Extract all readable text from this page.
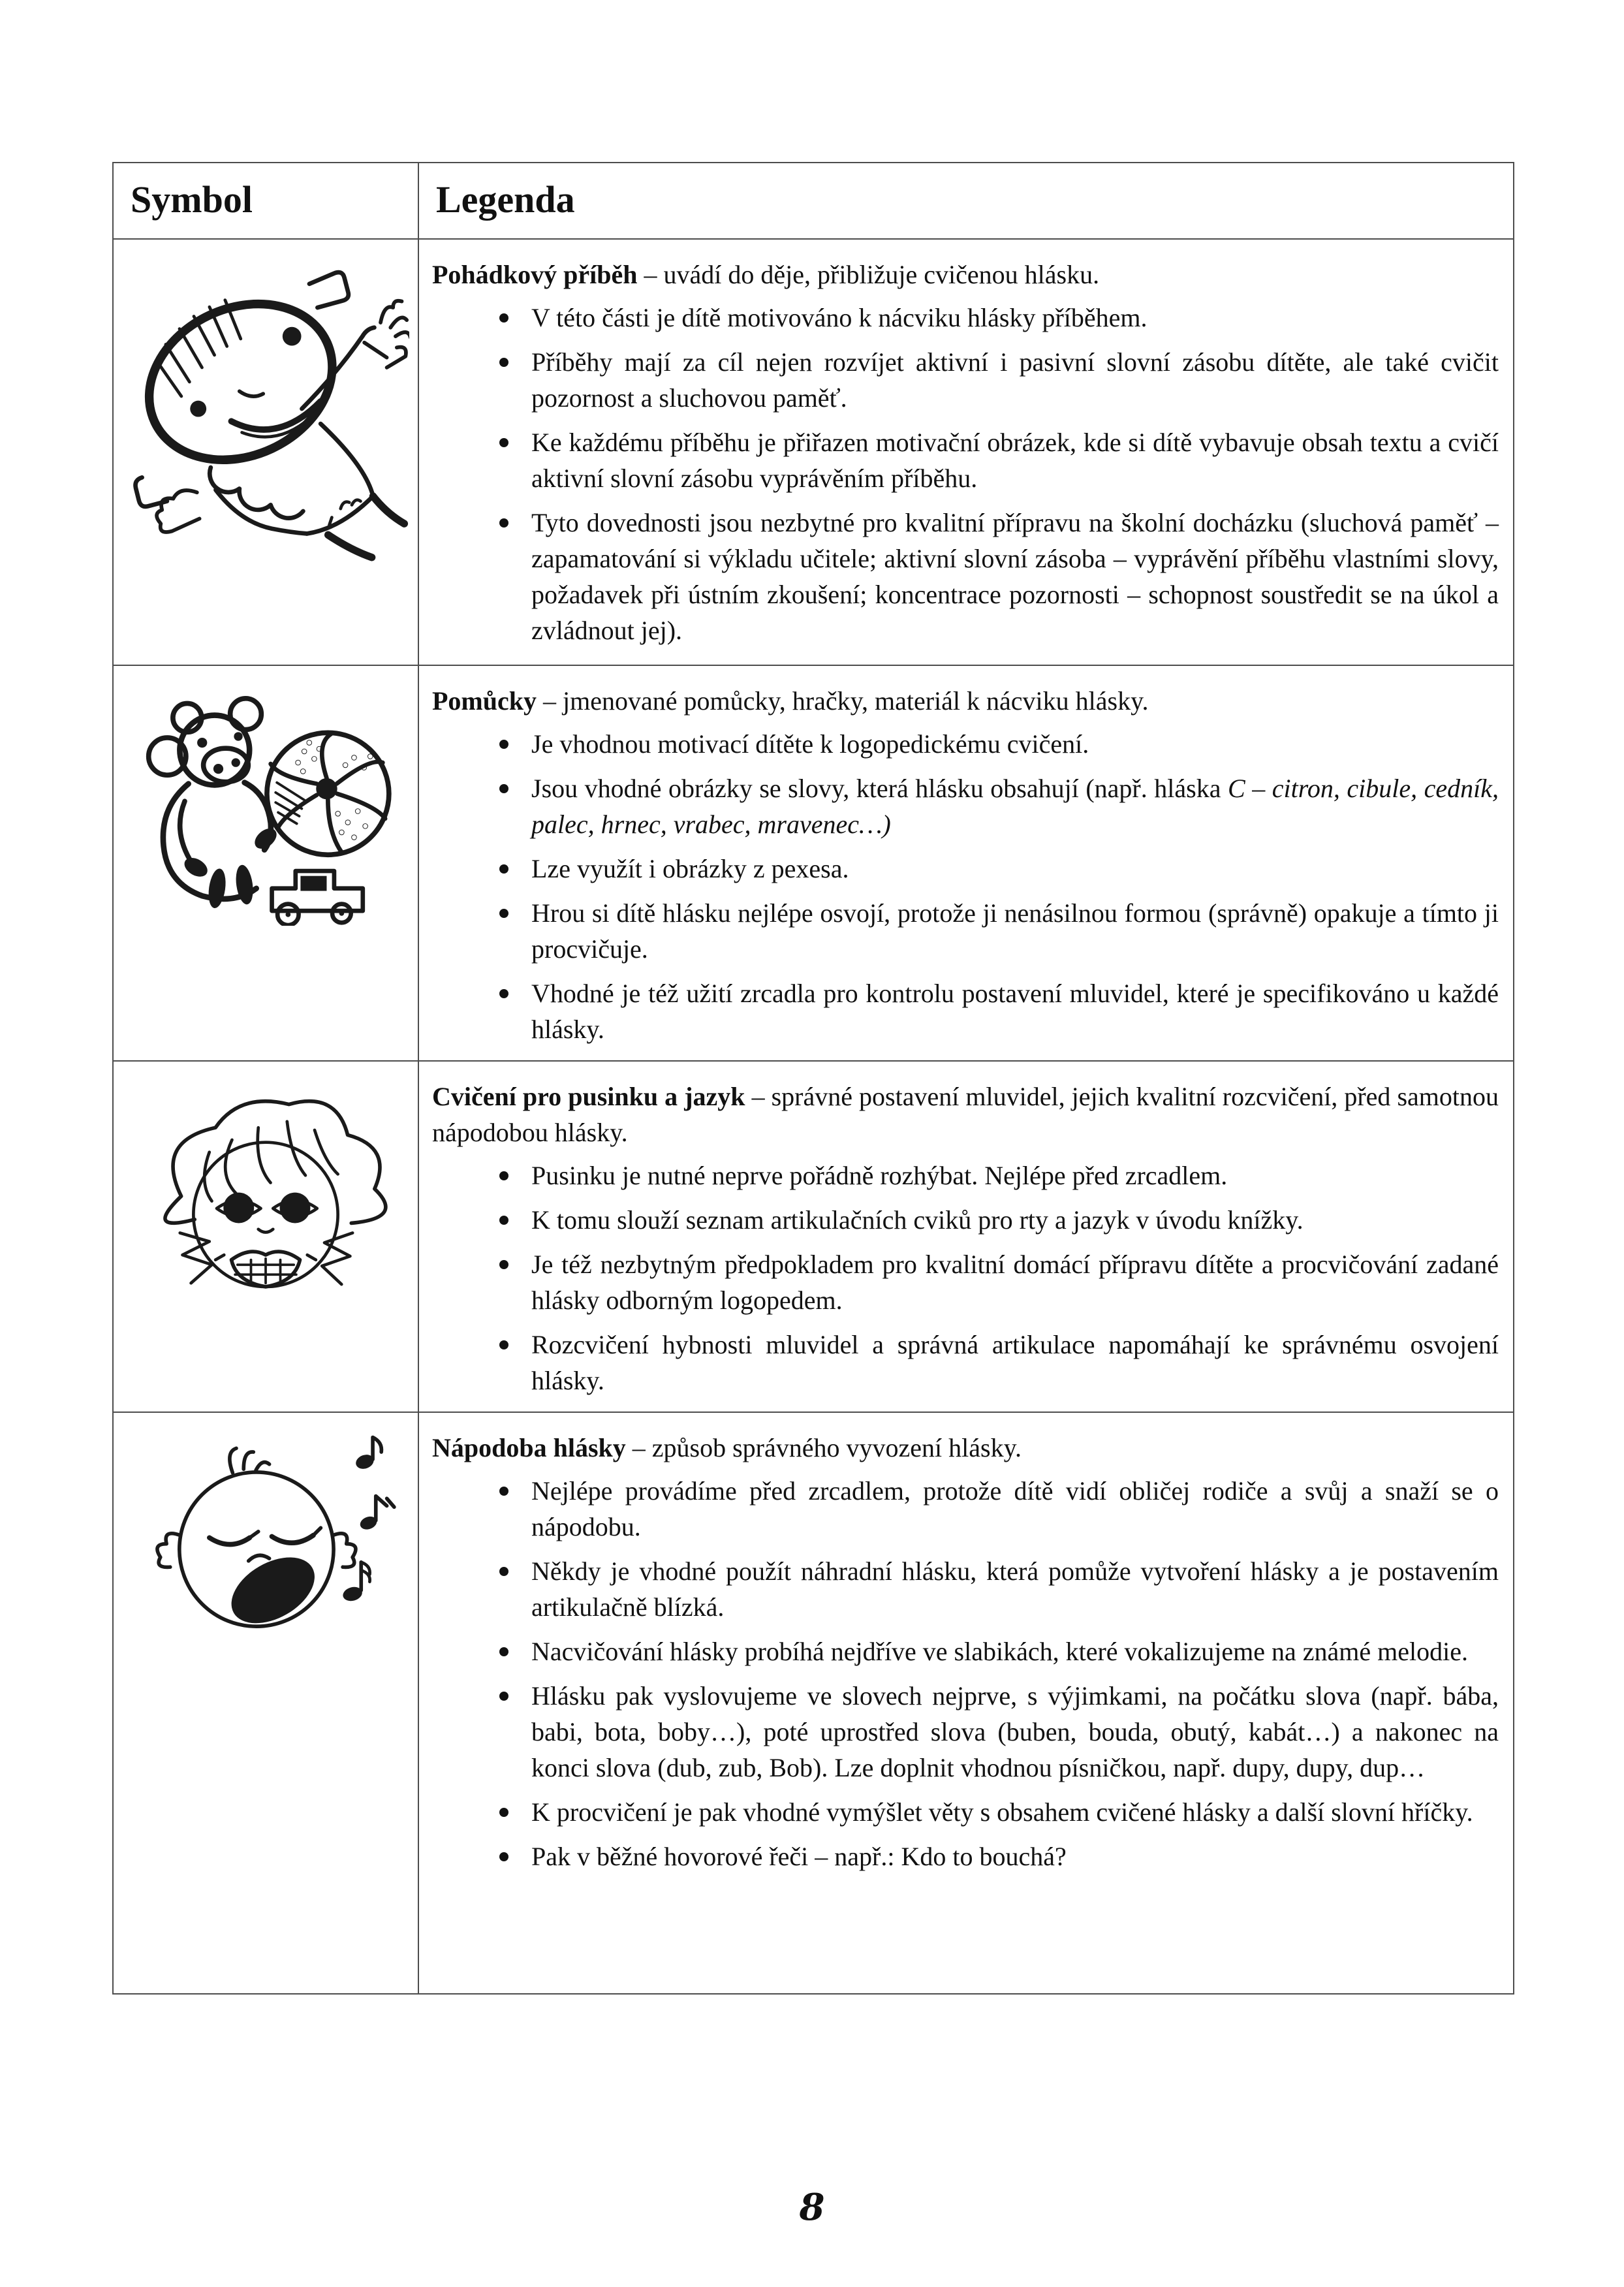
Symbol	Legenda

Pohádkový příběh – uvádí do děje, přibližuje cvičenou hlásku.

V této části je dítě motivováno k nácviku hlásky příběhem.
Příběhy mají za cíl nejen rozvíjet aktivní i pasivní slovní zásobu dítěte, ale také cvičit pozornost a sluchovou paměť.
Ke každému příběhu je přiřazen motivační obrázek, kde si dítě vybavuje obsah textu a cvičí aktivní slovní zásobu vyprávěním příběhu.
Tyto dovednosti jsou nezbytné pro kvalitní přípravu na školní docházku (sluchová paměť – zapamatování si výkladu učitele; aktivní slovní zásoba – vyprávění příběhu vlastními slovy, požadavek při ústním zkoušení; koncentrace pozornosti – schopnost soustředit se na úkol a zvládnout jej).

Pomůcky – jmenované pomůcky, hračky, materiál k nácviku hlásky.

Je vhodnou motivací dítěte k logopedickému cvičení.
Jsou vhodné obrázky se slovy, která hlásku obsahují (např. hláska C – citron, cibule, cedník, palec, hrnec, vrabec, mravenec…)
Lze využít i obrázky z pexesa.
Hrou si dítě hlásku nejlépe osvojí, protože ji nenásilnou formou (správně) opakuje a tímto ji procvičuje.
Vhodné je též užití zrcadla pro kontrolu postavení mluvidel, které je specifikováno u každé hlásky.

Cvičení pro pusinku a jazyk – správné postavení mluvidel, jejich kvalitní rozcvičení, před samotnou nápodobou hlásky.

Pusinku je nutné neprve pořádně rozhýbat. Nejlépe před zrcadlem.
K tomu slouží seznam artikulačních cviků pro rty a jazyk v úvodu knížky.
Je též nezbytným předpokladem pro kvalitní domácí přípravu dítěte a procvičování zadané hlásky odborným logopedem.
Rozcvičení hybnosti mluvidel a správná artikulace napomáhají ke správnému osvojení hlásky.

Nápodoba hlásky – způsob správného vyvození hlásky.

Nejlépe provádíme před zrcadlem, protože dítě vidí obličej rodiče a svůj a snaží se o nápodobu.
Někdy je vhodné použít náhradní hlásku, která pomůže vytvoření hlásky a je postavením artikulačně blízká.
Nacvičování hlásky probíhá nejdříve ve slabikách, které vokalizujeme na známé melodie.
Hlásku pak vyslovujeme ve slovech nejprve, s výjimkami, na počátku slova (např. bába, babi, bota, boby…), poté uprostřed slova (buben, bouda, obutý, kabát…) a nakonec na konci slova (dub, zub, Bob). Lze doplnit vhodnou písničkou, např. dupy, dupy, dup…
K procvičení je pak vhodné vymýšlet věty s obsahem cvičené hlásky a další slovní hříčky.
Pak v běžné hovorové řeči – např.: Kdo to bouchá?
8
